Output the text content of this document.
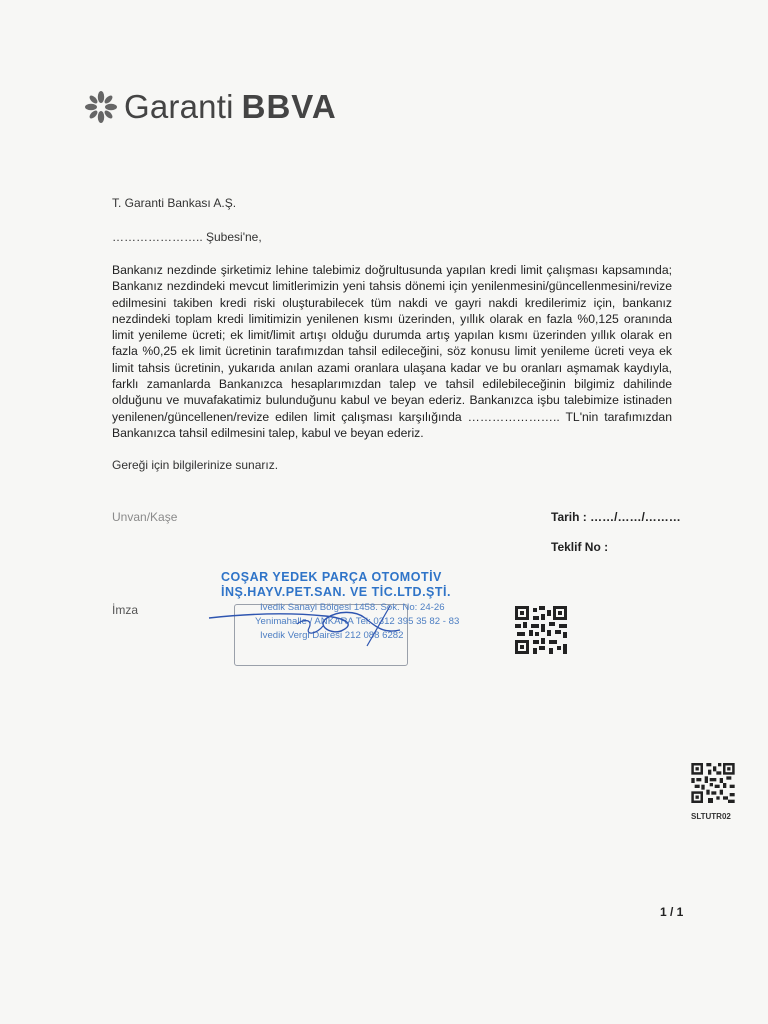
Garanti BBVA
T. Garanti Bankası A.Ş.
………………….. Şubesi'ne,
Bankanız nezdinde şirketimiz lehine talebimiz doğrultusunda yapılan kredi limit çalışması kapsamında; Bankanız nezdindeki mevcut limitlerimizin yeni tahsis dönemi için yenilenmesini/güncellenmesini/revize edilmesini takiben kredi riski oluşturabilecek tüm nakdi ve gayri nakdi kredilerimiz için, bankanız nezdindeki toplam kredi limitimizin yenilenen kısmı üzerinden, yıllık olarak en fazla %0,125 oranında limit yenileme ücreti; ek limit/limit artışı olduğu durumda artış yapılan kısmı üzerinden yıllık olarak en fazla %0,25 ek limit ücretinin tarafımızdan tahsil edileceğini, söz konusu limit yenileme ücreti veya ek limit tahsis ücretinin, yukarıda anılan azami oranlara ulaşana kadar ve bu oranları aşmamak kaydıyla, farklı zamanlarda Bankanızca hesaplarımızdan talep ve tahsil edilebileceğinin bilgimiz dahilinde olduğunu ve muvafakatimiz bulunduğunu kabul ve beyan ederiz. Bankanızca işbu talebimize istinaden yenilenen/güncellenen/revize edilen limit çalışması karşılığında ………………….. TL'nin tarafımızdan Bankanızca tahsil edilmesini talep, kabul ve beyan ederiz.
Gereği için bilgilerinize sunarız.
Unvan/Kaşe	Tarih : ……/……/………
Teklif No :
İmza
COŞAR YEDEK PARÇA OTOMOTİV
İNŞ.HAYV.PET.SAN. VE TİC.LTD.ŞTİ.
Ivedik Sanayi Bölgesi 1458. Sok. No: 24-26
Yenimahalle / ANKARA Tel: 0312 395 35 82 - 83
Ivedik Vergi Dairesi 212 088 6282
SLTUTR02
1 / 1
